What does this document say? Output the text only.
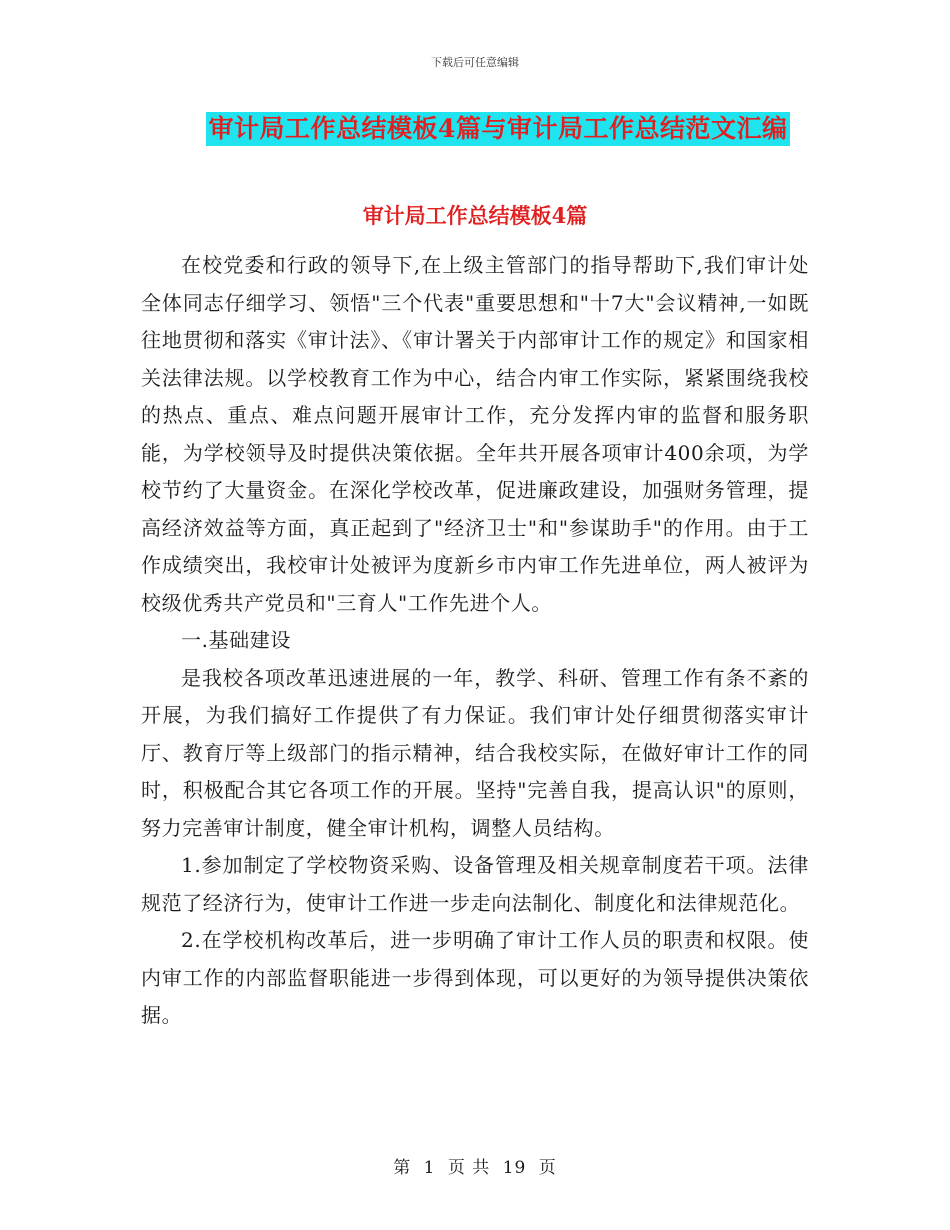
下载后可任意编辑
审计局工作总结模板4篇与审计局工作总结范文汇编
审计局工作总结模板4篇

在校党委和行政的领导下,在上级主管部门的指导帮助下,我们审计处全体同志仔细学习、领悟"三个代表"重要思想和"十7大"会议精神,一如既往地贯彻和落实《审计法》、《审计署关于内部审计工作的规定》和国家相关法律法规。以学校教育工作为中心，结合内审工作实际，紧紧围绕我校的热点、重点、难点问题开展审计工作，充分发挥内审的监督和服务职能，为学校领导及时提供决策依据。全年共开展各项审计400余项，为学校节约了大量资金。在深化学校改革，促进廉政建设，加强财务管理，提高经济效益等方面，真正起到了"经济卫士"和"参谋助手"的作用。由于工作成绩突出，我校审计处被评为度新乡市内审工作先进单位，两人被评为校级优秀共产党员和"三育人"工作先进个人。

一.基础建设

是我校各项改革迅速进展的一年，教学、科研、管理工作有条不紊的开展，为我们搞好工作提供了有力保证。我们审计处仔细贯彻落实审计厅、教育厅等上级部门的指示精神，结合我校实际，在做好审计工作的同时，积极配合其它各项工作的开展。坚持"完善自我，提高认识"的原则，努力完善审计制度，健全审计机构，调整人员结构。

1.参加制定了学校物资采购、设备管理及相关规章制度若干项。法律规范了经济行为，使审计工作进一步走向法制化、制度化和法律规范化。

2.在学校机构改革后，进一步明确了审计工作人员的职责和权限。使内审工作的内部监督职能进一步得到体现，可以更好的为领导提供决策依据。

第 1 页 共 19 页
